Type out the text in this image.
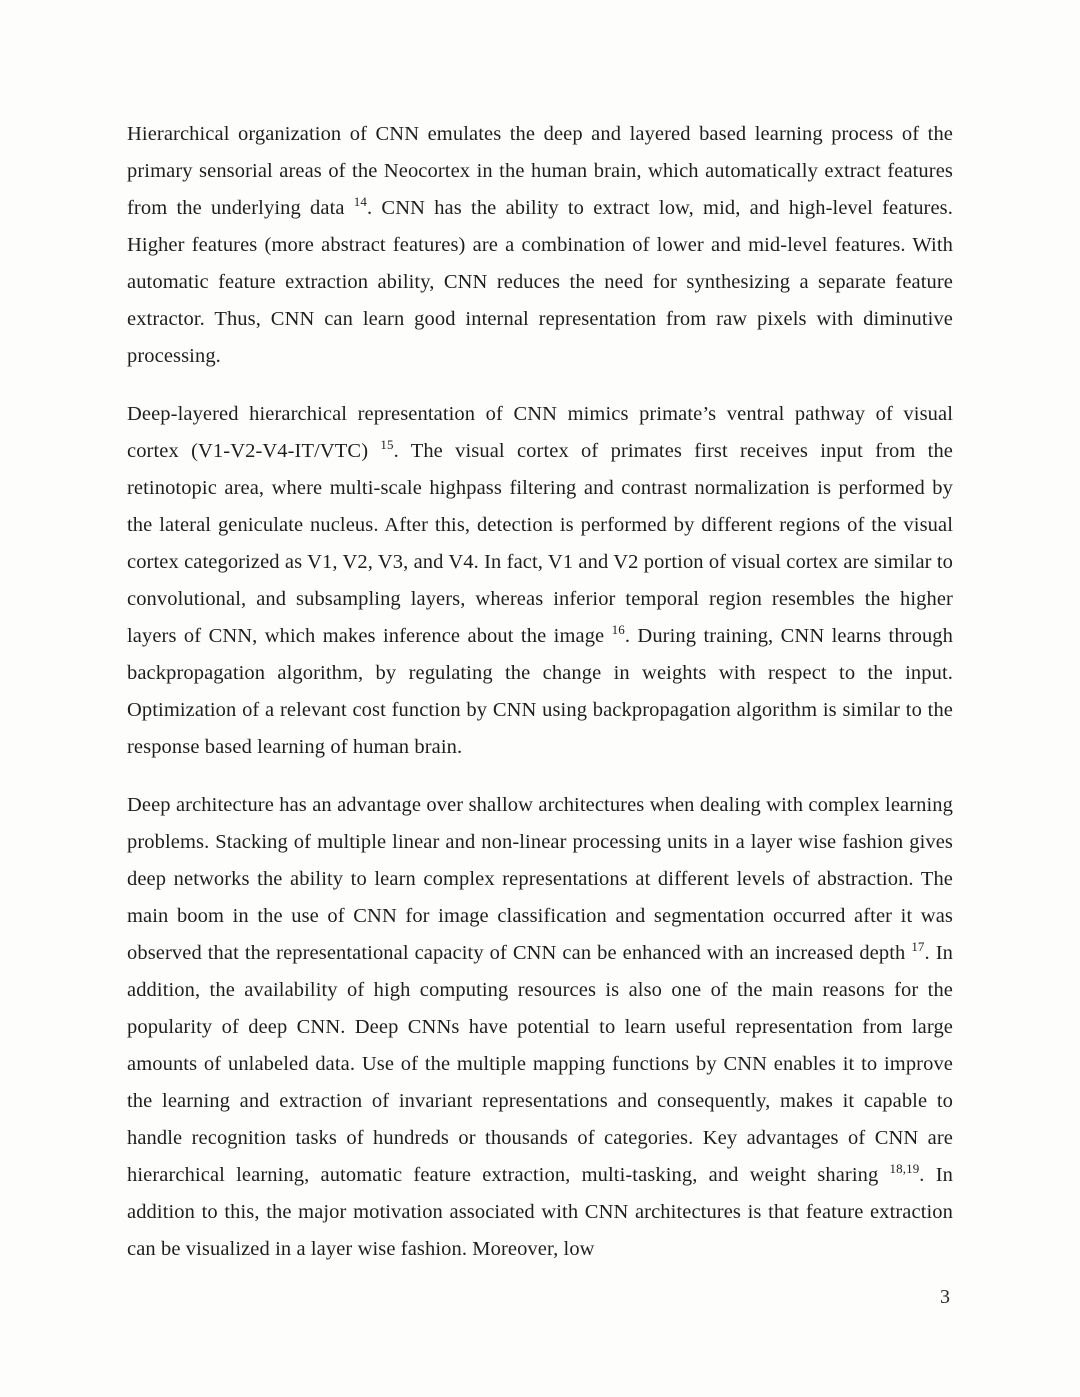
Hierarchical organization of CNN emulates the deep and layered based learning process of the primary sensorial areas of the Neocortex in the human brain, which automatically extract features from the underlying data $^{14}$. CNN has the ability to extract low, mid, and high-level features. Higher features (more abstract features) are a combination of lower and mid-level features. With automatic feature extraction ability, CNN reduces the need for synthesizing a separate feature extractor. Thus, CNN can learn good internal representation from raw pixels with diminutive processing.

Deep-layered hierarchical representation of CNN mimics primate’s ventral pathway of visual cortex (V1-V2-V4-IT/VTC) $^{15}$. The visual cortex of primates first receives input from the retinotopic area, where multi-scale highpass filtering and contrast normalization is performed by the lateral geniculate nucleus. After this, detection is performed by different regions of the visual cortex categorized as V1, V2, V3, and V4. In fact, V1 and V2 portion of visual cortex are similar to convolutional, and subsampling layers, whereas inferior temporal region resembles the higher layers of CNN, which makes inference about the image $^{16}$. During training, CNN learns through backpropagation algorithm, by regulating the change in weights with respect to the input. Optimization of a relevant cost function by CNN using backpropagation algorithm is similar to the response based learning of human brain.

Deep architecture has an advantage over shallow architectures when dealing with complex learning problems. Stacking of multiple linear and non-linear processing units in a layer wise fashion gives deep networks the ability to learn complex representations at different levels of abstraction. The main boom in the use of CNN for image classification and segmentation occurred after it was observed that the representational capacity of CNN can be enhanced with an increased depth $^{17}$. In addition, the availability of high computing resources is also one of the main reasons for the popularity of deep CNN. Deep CNNs have potential to learn useful representation from large amounts of unlabeled data. Use of the multiple mapping functions by CNN enables it to improve the learning and extraction of invariant representations and consequently, makes it capable to handle recognition tasks of hundreds or thousands of categories. Key advantages of CNN are hierarchical learning, automatic feature extraction, multi-tasking, and weight sharing $^{18,19}$. In addition to this, the major motivation associated with CNN architectures is that feature extraction can be visualized in a layer wise fashion. Moreover, low

3
